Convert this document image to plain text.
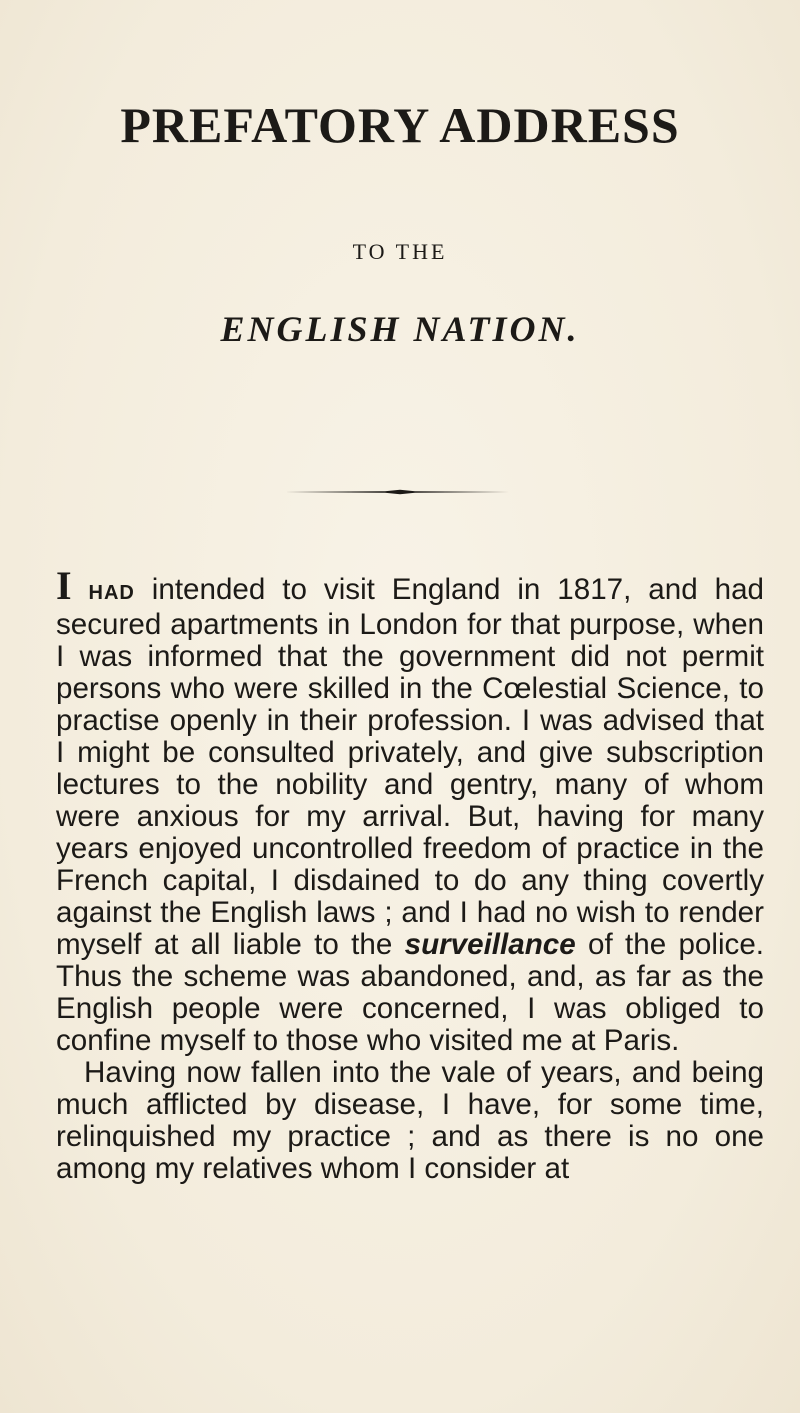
PREFATORY ADDRESS
TO THE
ENGLISH NATION.

I HAD intended to visit England in 1817, and had secured apartments in London for that purpose, when I was informed that the government did not permit persons who were skilled in the Cœlestial Science, to practise openly in their profession. I was advised that I might be consulted privately, and give subscription lectures to the nobility and gentry, many of whom were anxious for my arrival. But, having for many years enjoyed uncontrolled freedom of practice in the French capital, I disdained to do any thing covertly against the English laws ; and I had no wish to render myself at all liable to the surveillance of the police. Thus the scheme was abandoned, and, as far as the English people were concerned, I was obliged to confine myself to those who visited me at Paris.

Having now fallen into the vale of years, and being much afflicted by disease, I have, for some time, relinquished my practice ; and as there is no one among my relatives whom I consider at
